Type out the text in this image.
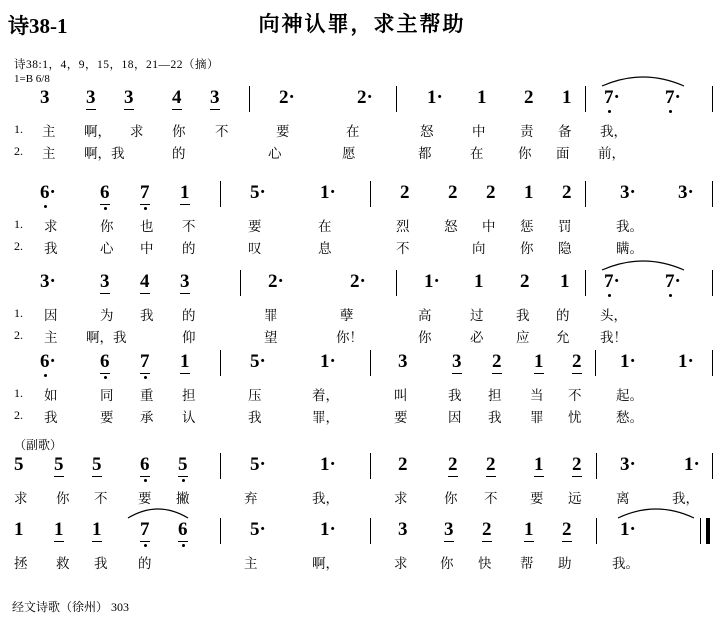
诗38-1	向神认罪，求主帮助
诗38:1，4，9，15，18，21—22（摘）
1=B 6/8
3 3 3 4 3	2·	2·	1· 1 2 1 7· 7·
1. 主 啊， 求 你 不	要	在	怒	中	责 备 我，
2. 主 啊，我	的	心	愿	都	在	你 面 前，
6· 6 7 1	5·	1·	2 2 2 1 2	3· 3·
1. 求	你 也 不	要	在	烈	怒 中 惩 罚	我。
2. 我	心 中 的	叹	息	不	向	你 隐	瞒。
3· 3 4 3	2·	2·	1· 1 2 1 7· 7·
1. 因	为 我 的	罪	孽	高	过 我 的 头，
2. 主 啊，我	仰	望	你！	你	必 应 允 我！
6· 6 7 1	5·	1·	3 3 2 1 2 1· 1·
1. 如	同 重 担	压	着，	叫	我 担 当 不	起。
2. 我	要 承 认	我	罪，	要	因 我 罪 忧	愁。
5 5 5 6 5	5·	1·	2 2 2 1 2 3·	1·
求 你 不 要 撇	弃	我，	求	你 不 要 远	离	我，
1 1 1 7 6	5·	1·	3 3 2 1 2	1·
拯 救 我 的	主	啊，	求 你 快 帮 助	我。
经文诗歌（徐州） 303
（副歌）
